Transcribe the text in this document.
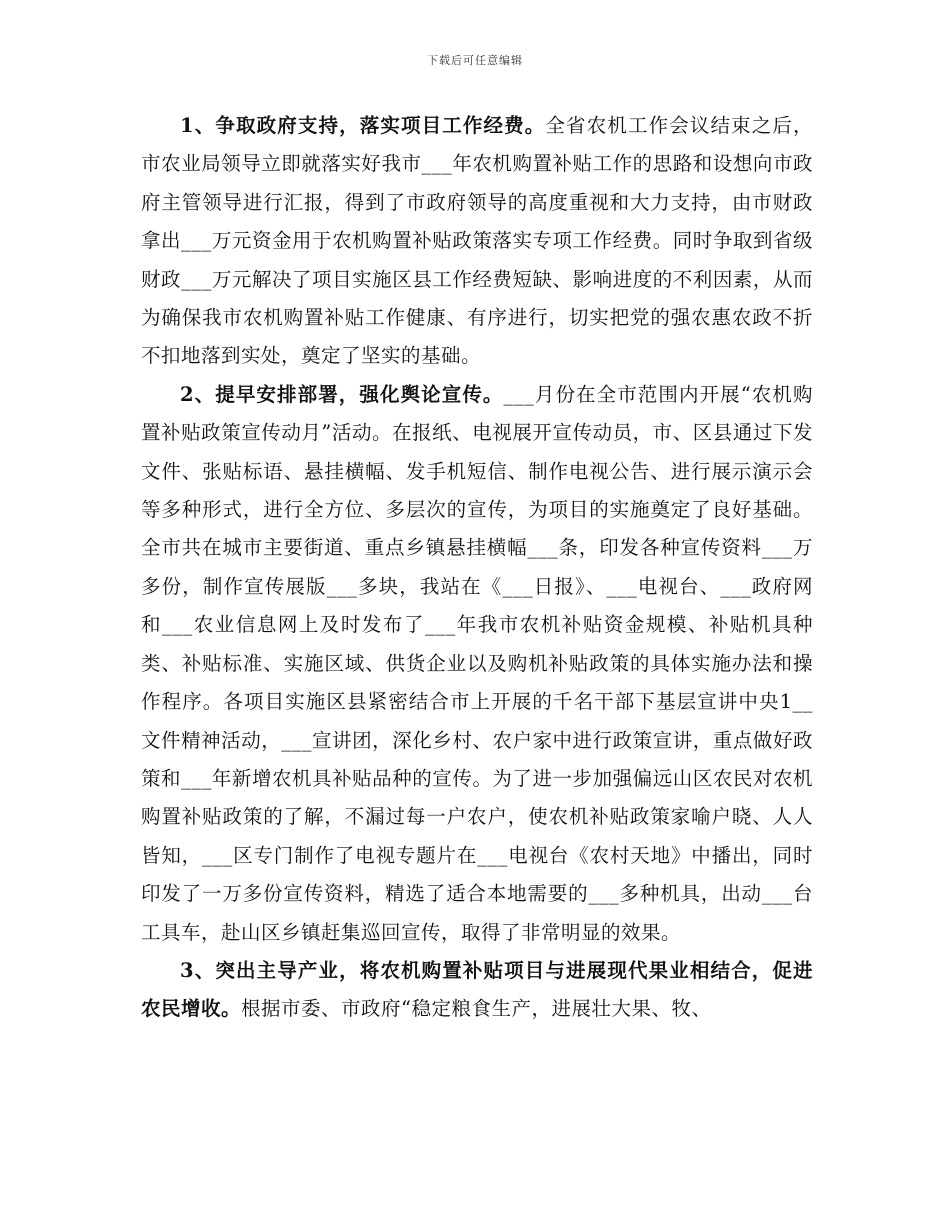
下载后可任意编辑

1、争取政府支持，落实项目工作经费。全省农机工作会议结束之后，市农业局领导立即就落实好我市___年农机购置补贴工作的思路和设想向市政府主管领导进行汇报，得到了市政府领导的高度重视和大力支持，由市财政拿出___万元资金用于农机购置补贴政策落实专项工作经费。同时争取到省级财政___万元解决了项目实施区县工作经费短缺、影响进度的不利因素，从而为确保我市农机购置补贴工作健康、有序进行，切实把党的强农惠农政不折不扣地落到实处，奠定了坚实的基础。

2、提早安排部署，强化舆论宣传。___月份在全市范围内开展“农机购置补贴政策宣传动月”活动。在报纸、电视展开宣传动员，市、区县通过下发文件、张贴标语、悬挂横幅、发手机短信、制作电视公告、进行展示演示会等多种形式，进行全方位、多层次的宣传，为项目的实施奠定了良好基础。全市共在城市主要街道、重点乡镇悬挂横幅___条，印发各种宣传资料___万多份，制作宣传展版___多块，我站在《___日报》、___电视台、___政府网和___农业信息网上及时发布了___年我市农机补贴资金规模、补贴机具种类、补贴标准、实施区域、供货企业以及购机补贴政策的具体实施办法和操作程序。各项目实施区县紧密结合市上开展的千名干部下基层宣讲中央1__文件精神活动，___宣讲团，深化乡村、农户家中进行政策宣讲，重点做好政策和___年新增农机具补贴品种的宣传。为了进一步加强偏远山区农民对农机购置补贴政策的了解，不漏过每一户农户，使农机补贴政策家喻户晓、人人皆知，___区专门制作了电视专题片在___电视台《农村天地》中播出，同时印发了一万多份宣传资料，精选了适合本地需要的___多种机具，出动___台工具车，赴山区乡镇赶集巡回宣传，取得了非常明显的效果。

3、突出主导产业，将农机购置补贴项目与进展现代果业相结合，促进农民增收。根据市委、市政府“稳定粮食生产，进展壮大果、牧、
